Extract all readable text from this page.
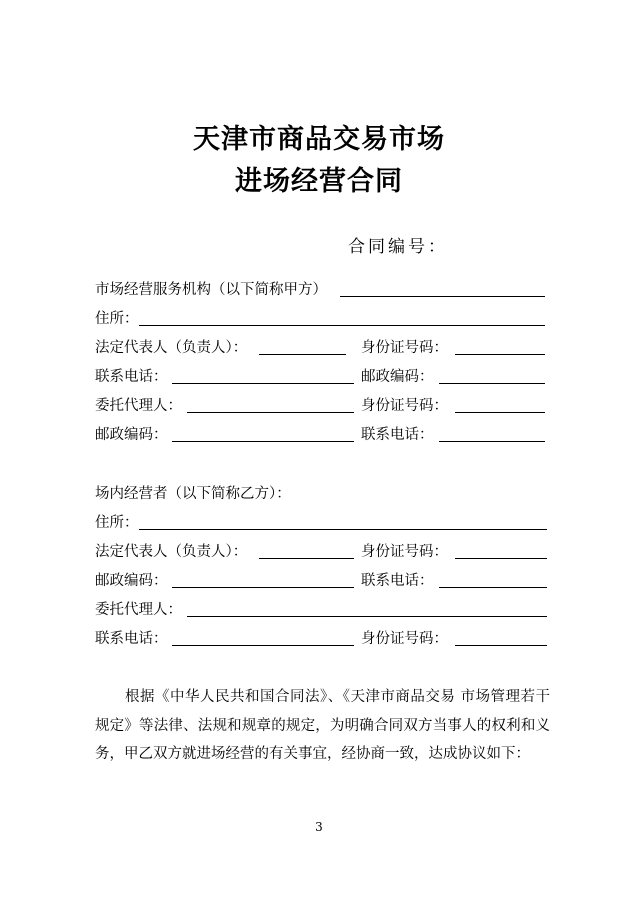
天津市商品交易市场
进场经营合同
合同编号：
市场经营服务机构（以下简称甲方）
住所：
法定代表人（负责人）：	身份证号码：
联系电话：	邮政编码：
委托代理人：	身份证号码：
邮政编码：	联系电话：
场内经营者（以下简称乙方）：
住所：
法定代表人（负责人）：	身份证号码：
邮政编码：	联系电话：
委托代理人：
联系电话：	身份证号码：
根据《中华人民共和国合同法》、《天津市商品交易 市场管理若干规定》等法律、法规和规章的规定，为明确合同双方当事人的权利和义务，甲乙双方就进场经营的有关事宜，经协商一致，达成协议如下：
3
